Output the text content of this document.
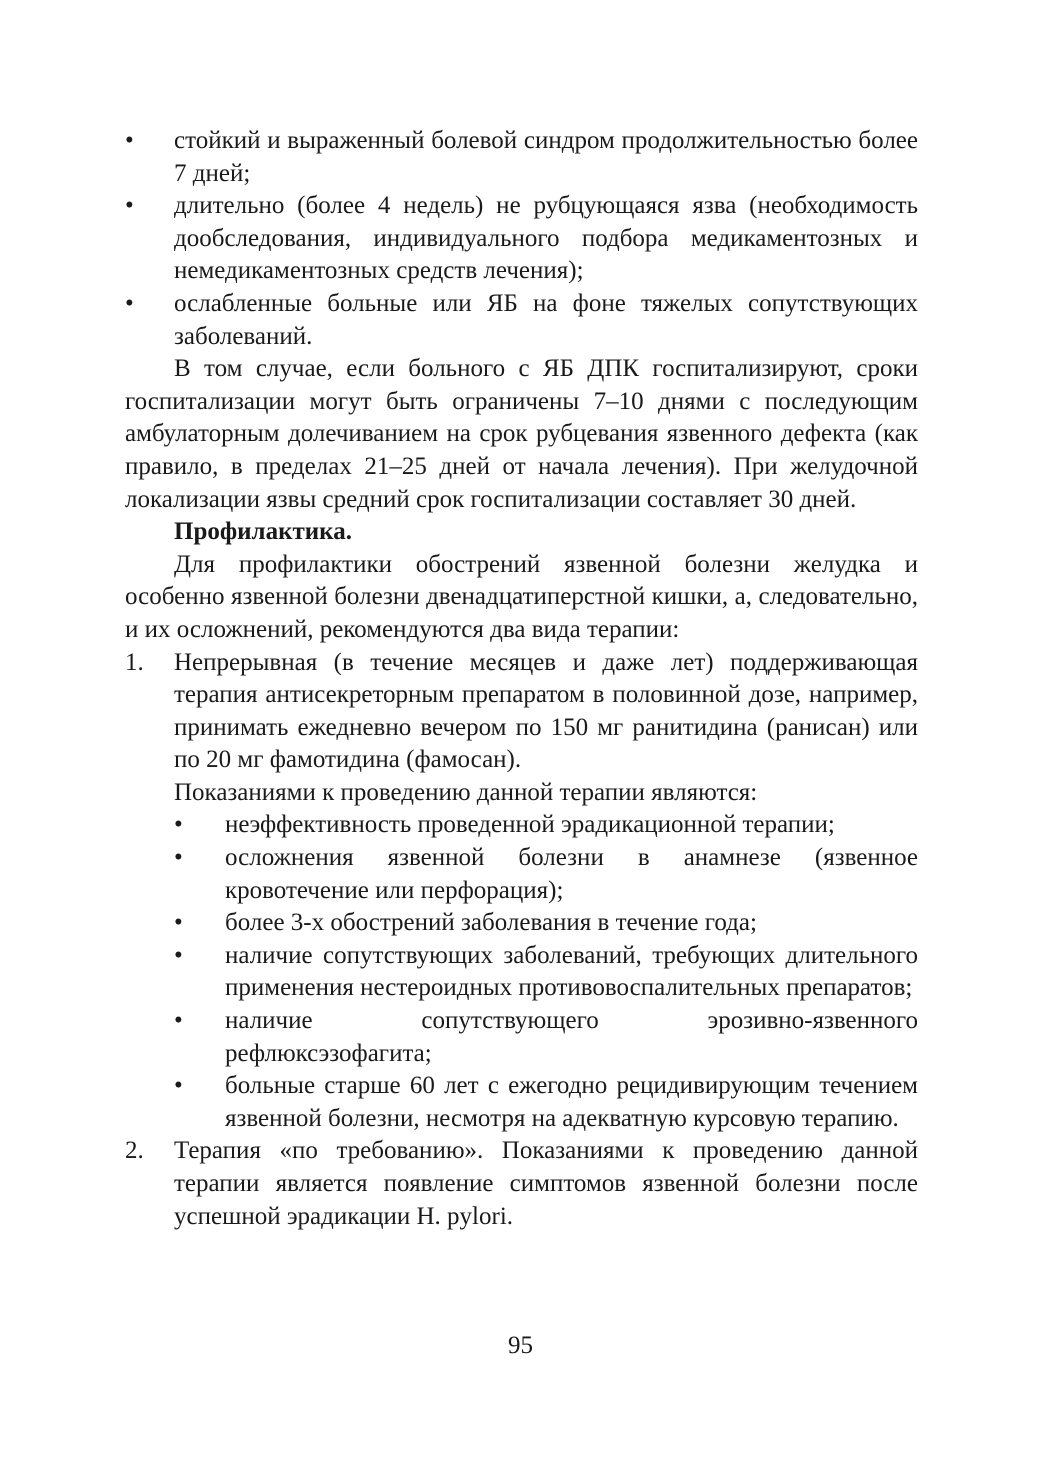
•	стойкий и выраженный болевой синдром продолжительностью более 7 дней;
•	длительно (более 4 недель) не рубцующаяся язва (необходимость дообследования, индивидуального подбора медикаментозных и немедикаментозных средств лечения);
•	ослабленные больные или ЯБ на фоне тяжелых сопутствующих заболеваний.
В том случае, если больного с ЯБ ДПК госпитализируют, сроки госпитализации могут быть ограничены 7–10 днями с последующим амбулаторным долечиванием на срок рубцевания язвенного дефекта (как правило, в пределах 21–25 дней от начала лечения). При желудочной локализации язвы средний срок госпитализации составляет 30 дней.
Профилактика.
Для профилактики обострений язвенной болезни желудка и особенно язвенной болезни двенадцатиперстной кишки, а, следовательно, и их осложнений, рекомендуются два вида терапии:
1.	Непрерывная (в течение месяцев и даже лет) поддерживающая терапия антисекреторным препаратом в половинной дозе, например, принимать ежедневно вечером по 150 мг ранитидина (ранисан) или по 20 мг фамотидина (фамосан).
Показаниями к проведению данной терапии являются:
•	неэффективность проведенной эрадикационной терапии;
•	осложнения язвенной болезни в анамнезе (язвенное кровотечение или перфорация);
•	более 3-х обострений заболевания в течение года;
•	наличие сопутствующих заболеваний, требующих длительного применения нестероидных противовоспалительных препаратов;
•	наличие сопутствующего эрозивно-язвенного рефлюксэзофагита;
•	больные старше 60 лет с ежегодно рецидивирующим течением язвенной болезни, несмотря на адекватную курсовую терапию.
2.	Терапия «по требованию». Показаниями к проведению данной терапии является появление симптомов язвенной болезни после успешной эрадикации H. pylori.
95
